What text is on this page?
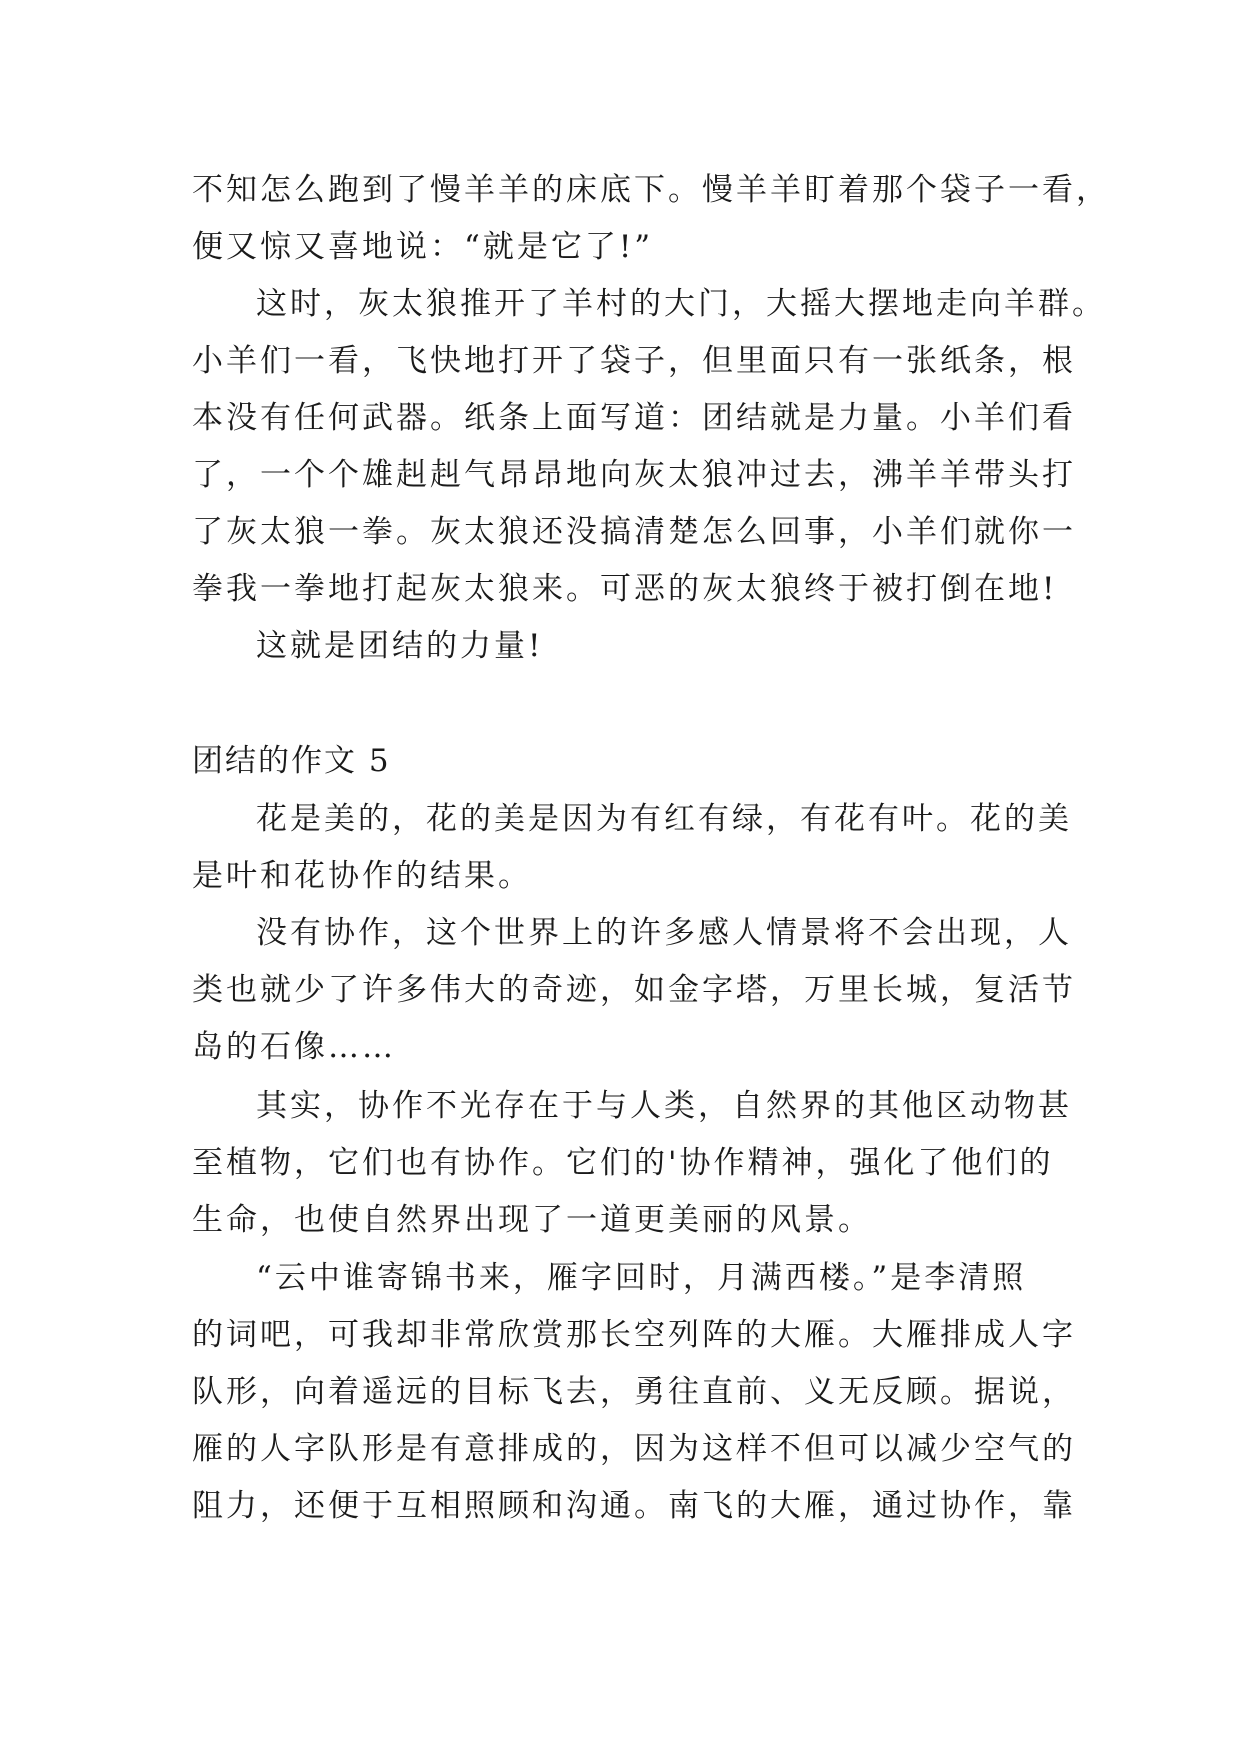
不知怎么跑到了慢羊羊的床底下。慢羊羊盯着那个袋子一看，
便又惊又喜地说：“就是它了!”
这时，灰太狼推开了羊村的大门，大摇大摆地走向羊群。
小羊们一看，飞快地打开了袋子，但里面只有一张纸条，根
本没有任何武器。纸条上面写道：团结就是力量。小羊们看
了，一个个雄赳赳气昂昂地向灰太狼冲过去，沸羊羊带头打
了灰太狼一拳。灰太狼还没搞清楚怎么回事，小羊们就你一
拳我一拳地打起灰太狼来。可恶的灰太狼终于被打倒在地!
这就是团结的力量!
团结的作文 5
花是美的，花的美是因为有红有绿，有花有叶。花的美
是叶和花协作的结果。
没有协作，这个世界上的许多感人情景将不会出现，人
类也就少了许多伟大的奇迹，如金字塔，万里长城，复活节
岛的石像……
其实，协作不光存在于与人类，自然界的其他区动物甚
至植物，它们也有协作。它们的'协作精神，强化了他们的
生命，也使自然界出现了一道更美丽的风景。
“云中谁寄锦书来，雁字回时，月满西楼。”是李清照
的词吧，可我却非常欣赏那长空列阵的大雁。大雁排成人字
队形，向着遥远的目标飞去，勇往直前、义无反顾。据说，
雁的人字队形是有意排成的，因为这样不但可以减少空气的
阻力，还便于互相照顾和沟通。南飞的大雁，通过协作，靠
